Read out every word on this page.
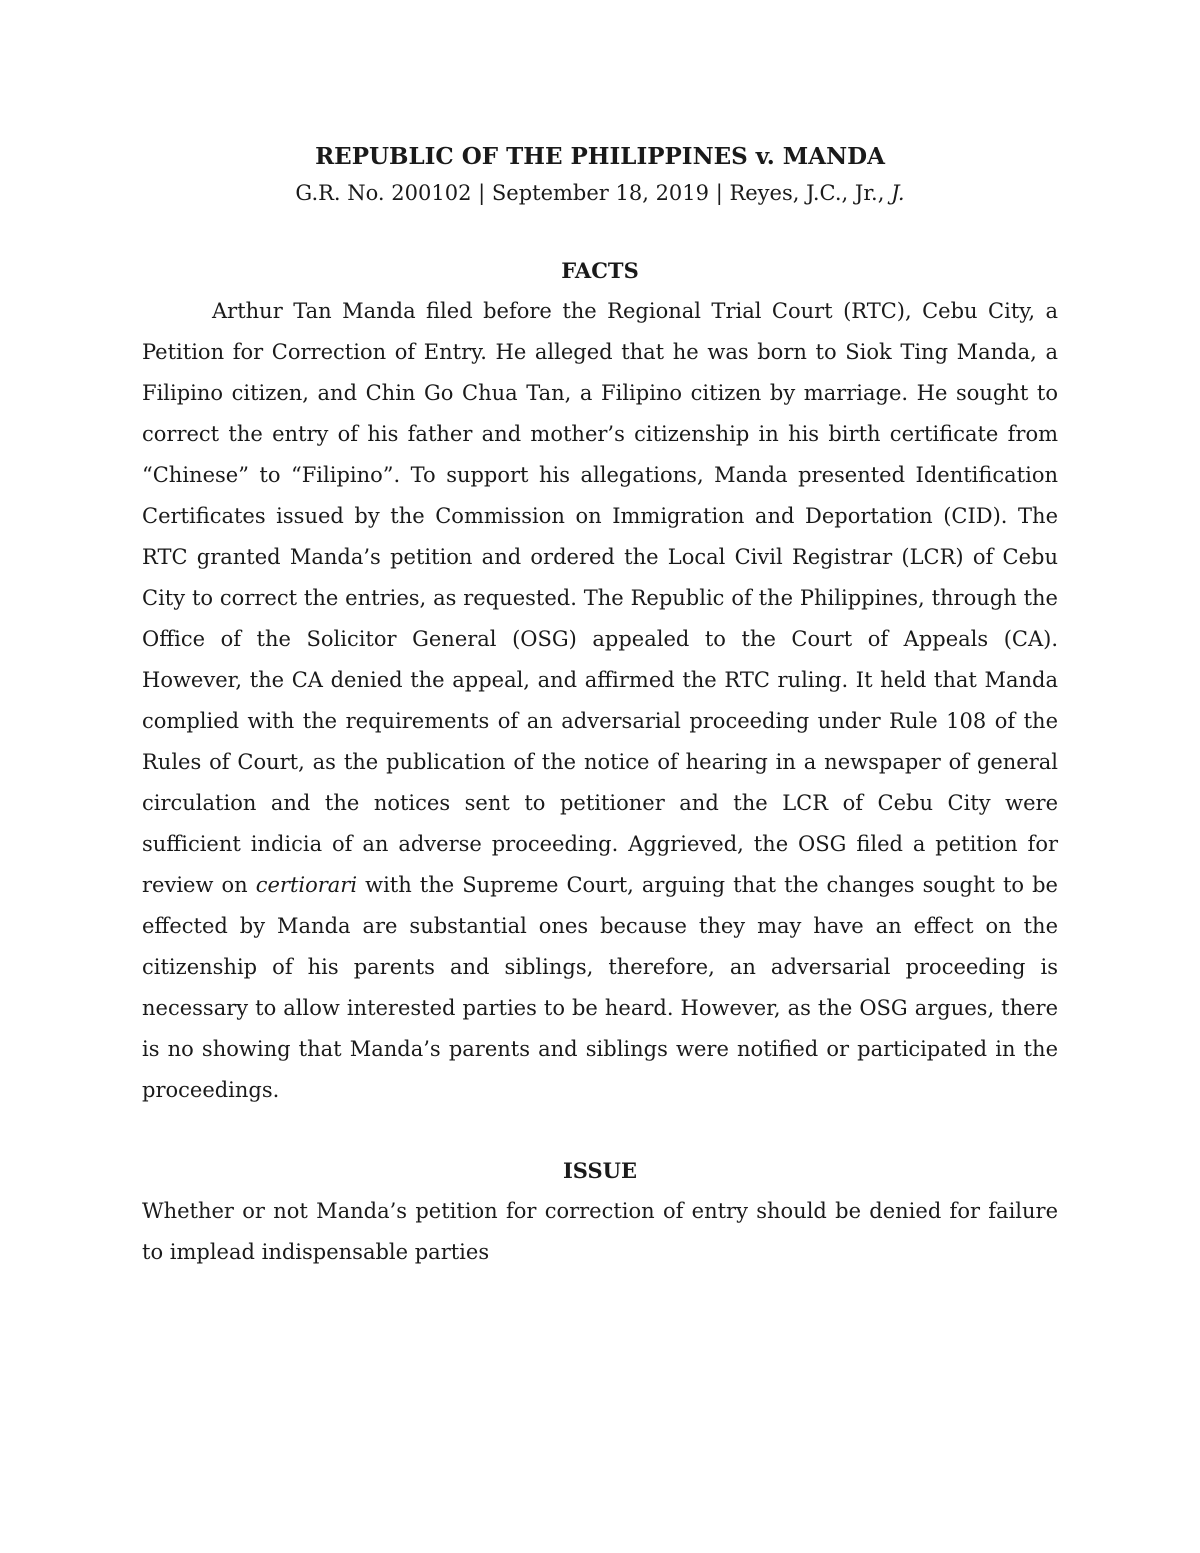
REPUBLIC OF THE PHILIPPINES v. MANDA

G.R. No. 200102 | September 18, 2019 | Reyes, J.C., Jr., J.

FACTS

Arthur Tan Manda filed before the Regional Trial Court (RTC), Cebu City, a Petition for Correction of Entry. He alleged that he was born to Siok Ting Manda, a Filipino citizen, and Chin Go Chua Tan, a Filipino citizen by marriage. He sought to correct the entry of his father and mother’s citizenship in his birth certificate from “Chinese” to “Filipino”. To support his allegations, Manda presented Identification Certificates issued by the Commission on Immigration and Deportation (CID). The RTC granted Manda’s petition and ordered the Local Civil Registrar (LCR) of Cebu City to correct the entries, as requested. The Republic of the Philippines, through the Office of the Solicitor General (OSG) appealed to the Court of Appeals (CA). However, the CA denied the appeal, and affirmed the RTC ruling. It held that Manda complied with the requirements of an adversarial proceeding under Rule 108 of the Rules of Court, as the publication of the notice of hearing in a newspaper of general circulation and the notices sent to petitioner and the LCR of Cebu City were sufficient indicia of an adverse proceeding. Aggrieved, the OSG filed a petition for review on certiorari with the Supreme Court, arguing that the changes sought to be effected by Manda are substantial ones because they may have an effect on the citizenship of his parents and siblings, therefore, an adversarial proceeding is necessary to allow interested parties to be heard. However, as the OSG argues, there is no showing that Manda’s parents and siblings were notified or participated in the proceedings.

ISSUE

Whether or not Manda’s petition for correction of entry should be denied for failure to implead indispensable parties
